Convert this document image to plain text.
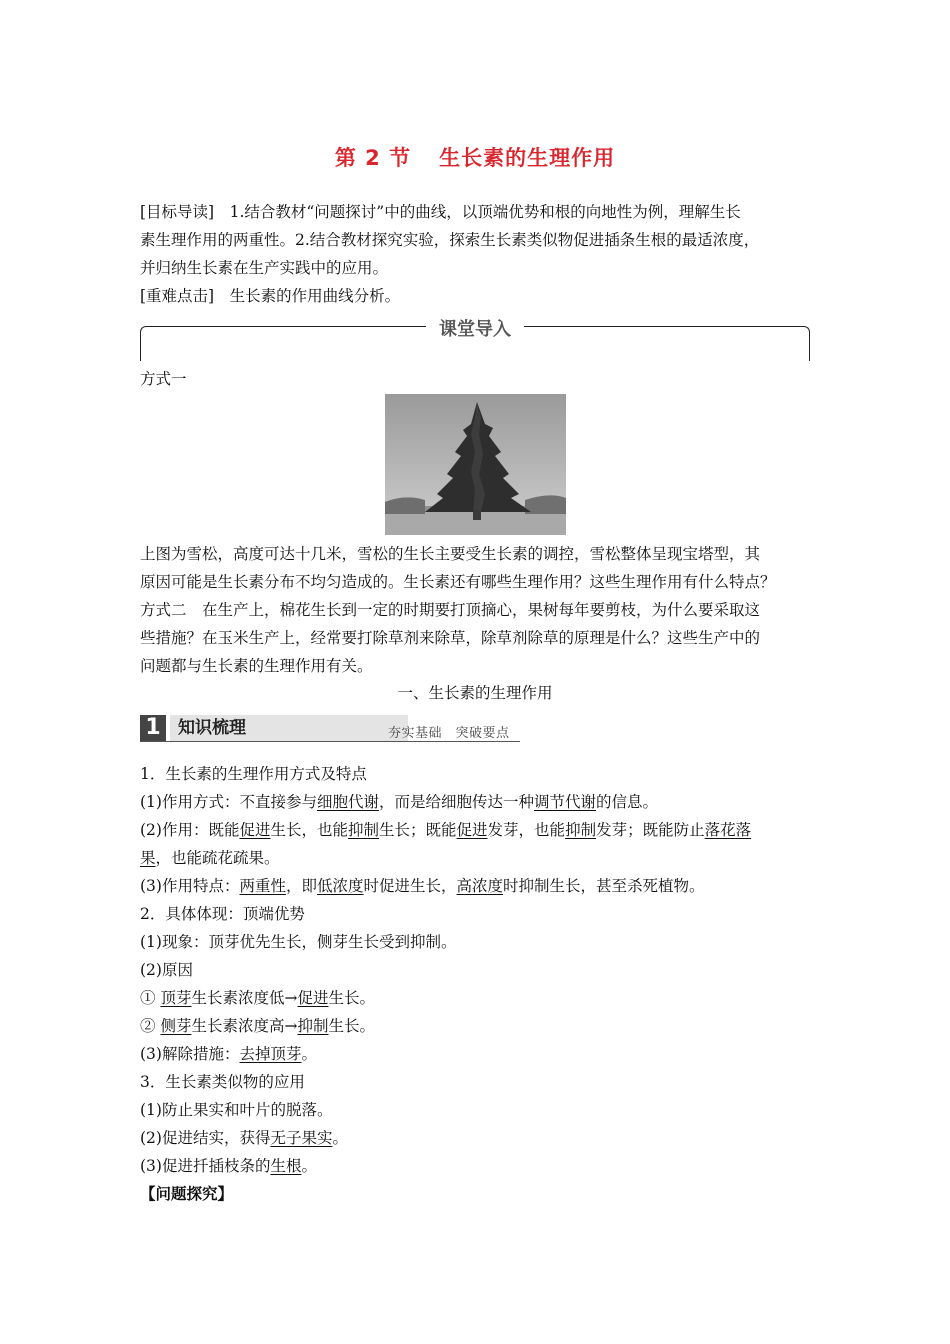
第 2 节 生长素的生理作用
[目标导读]　1.结合教材“问题探讨”中的曲线，以顶端优势和根的向地性为例，理解生长
素生理作用的两重性。2.结合教材探究实验，探索生长素类似物促进插条生根的最适浓度，
并归纳生长素在生产实践中的应用。
[重难点击]　生长素的作用曲线分析。
课堂导入
方式一
上图为雪松，高度可达十几米，雪松的生长主要受生长素的调控，雪松整体呈现宝塔型，其
原因可能是生长素分布不均匀造成的。生长素还有哪些生理作用？这些生理作用有什么特点？
方式二　在生产上，棉花生长到一定的时期要打顶摘心，果树每年要剪枝，为什么要采取这
些措施？在玉米生产上，经常要打除草剂来除草，除草剂除草的原理是什么？这些生产中的
问题都与生长素的生理作用有关。
一、生长素的生理作用
1	知识梳理	夯实基础　突破要点
1．生长素的生理作用方式及特点
(1)作用方式：不直接参与细胞代谢，而是给细胞传达一种调节代谢的信息。
(2)作用：既能促进生长，也能抑制生长；既能促进发芽，也能抑制发芽；既能防止落花落
果，也能疏花疏果。
(3)作用特点：两重性，即低浓度时促进生长，高浓度时抑制生长，甚至杀死植物。
2．具体体现：顶端优势
(1)现象：顶芽优先生长，侧芽生长受到抑制。
(2)原因
① 顶芽生长素浓度低→促进生长。
② 侧芽生长素浓度高→抑制生长。
(3)解除措施：去掉顶芽。
3．生长素类似物的应用
(1)防止果实和叶片的脱落。
(2)促进结实，获得无子果实。
(3)促进扦插枝条的生根。
【问题探究】
